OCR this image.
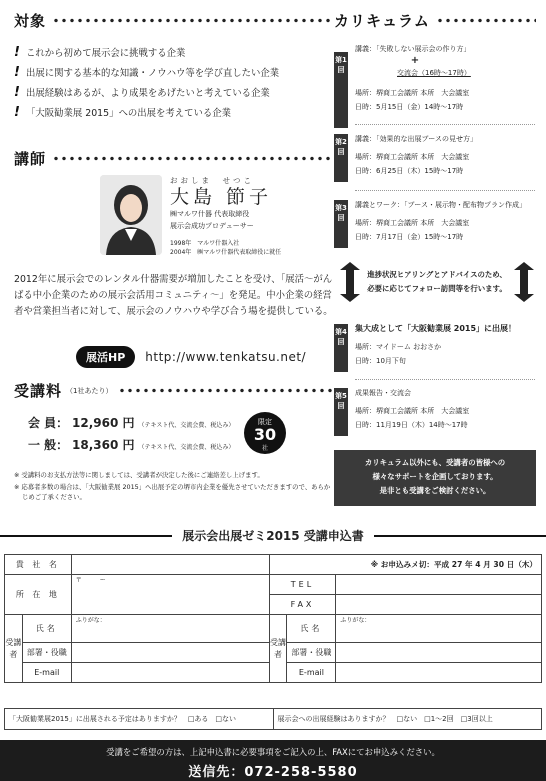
対象
! これから初めて展示会に挑戦する企業
! 出展に関する基本的な知識・ノウハウ等を学び直したい企業
! 出展経験はあるが、より成果をあげたいと考えている企業
! 「大阪勧業展 2015」への出展を考えている企業
カリキュラム
第1回
講義：「失敗しない展示会の作り方」
+
交流会（16時～17時）
場所：堺商工会議所 本所　大会議室
日時：5月15日（金）14時～17時
第2回
講義：「効果的な出展ブースの見せ方」
場所：堺商工会議所 本所　大会議室
日時：6月25日（木）15時～17時
第3回
講義とワーク：「ブース・展示物・配布物プラン作成」
場所：堺商工会議所 本所　大会議室
日時：7月17日（金）15時～17時
進捗状況ヒアリングとアドバイスのため、
必要に応じてフォロー訪問等を行います。
第4回
集大成として「大阪勧業展 2015」に出展！
場所：マイドーム おおさか
日時：10月下旬
第5回
成果報告・交流会
場所：堺商工会議所 本所　大会議室
日時：11月19日（木）14時～17時
カリキュラム以外にも、受講者の皆様への
様々なサポートを企画しております。
是非とも受講をご検討ください。
講師
おおしま　せつこ
大島 節子
㈱マルワ什器 代表取締役
展示会成功プロデューサー
1998年　マルワ什器入社
2004年　㈱マルワ什器代表取締役に就任
2012年に展示会でのレンタル什器需要が増加したことを受け、「展活～がんばる中小企業のための展示会活用コミュニティ～」を発足。中小企業の経営者や営業担当者に対して、展示会のノウハウや学び合う場を提供している。
展活HP	http://www.tenkatsu.net/
受講料 （1社あたり）
会 員： 12,960 円 （テキスト代、交流会費、税込み）
一 般： 18,360 円 （テキスト代、交流会費、税込み）
限定
30
社
※ 受講料のお支払方法等に関しましては、受講者が決定した後にご連絡差し上げます。
※ 応募者多数の場合は、「大阪勧業展 2015」へ出展予定の堺市内企業を優先させていただきますので、あらかじめご了承ください。
展示会出展ゼミ2015 受講申込書
貴 社 名			※ お申込みメ切：平成 27 年 4 月 30 日（木）		
所 在 地		〒　　　ー	TEL		
			FAX		
受講者	氏名	ふりがな：	受講者	氏名	ふりがな：
	部署・役職			部署・役職	
	E-mail			E-mail	
「大阪勧業展2015」に出展される予定はありますか？　□ある　□ない	展示会への出展経験はありますか？　□ない　□1～2回　□3回以上
受講をご希望の方は、上記申込書に必要事項をご記入の上、FAXにてお申込みください。
送信先：072-258-5580
